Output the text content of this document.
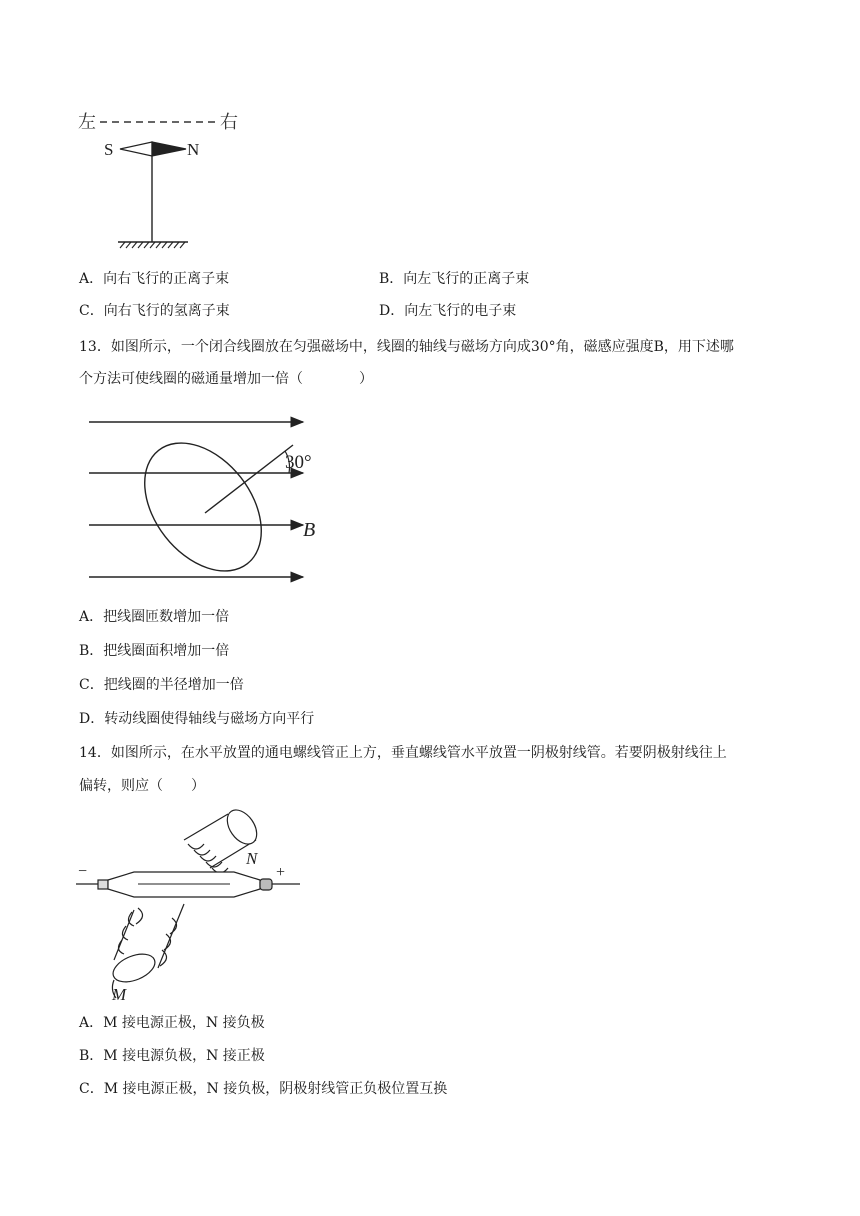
左	右
S	N
A．向右飞行的正离子束	B．向左飞行的正离子束
C．向右飞行的氢离子束	D．向左飞行的电子束
13．如图所示，一个闭合线圈放在匀强磁场中，线圈的轴线与磁场方向成30°角，磁感应强度B，用下述哪
个方法可使线圈的磁通量增加一倍（　　　　）
30°
B
A．把线圈匝数增加一倍
B．把线圈面积增加一倍
C．把线圈的半径增加一倍
D．转动线圈使得轴线与磁场方向平行
14．如图所示，在水平放置的通电螺线管正上方，垂直螺线管水平放置一阴极射线管。若要阴极射线往上
偏转，则应（　　）
−	+
N
M
A．M 接电源正极，N 接负极
B．M 接电源负极，N 接正极
C．M 接电源正极，N 接负极，阴极射线管正负极位置互换
